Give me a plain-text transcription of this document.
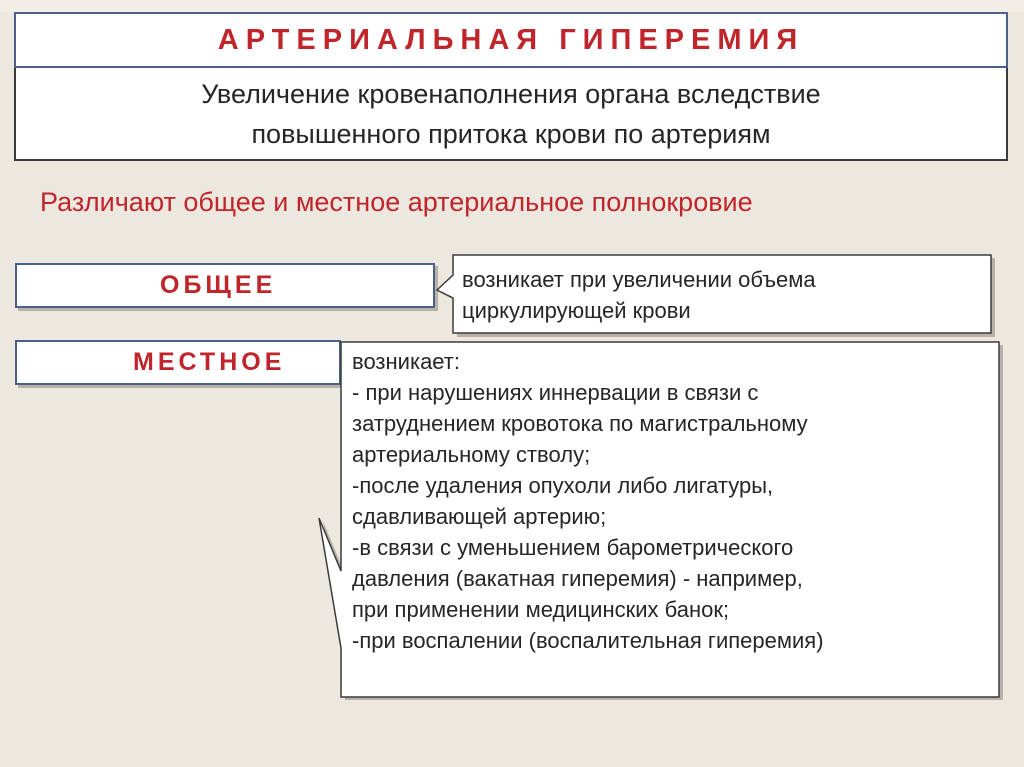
АРТЕРИАЛЬНАЯ ГИПЕРЕМИЯ
Увеличение кровенаполнения органа вследствие
повышенного притока крови по артериям
Различают общее и местное артериальное полнокровие
ОБЩЕЕ
МЕСТНОЕ
возникает при увеличении объема
циркулирующей крови
возникает:
- при нарушениях иннервации в связи с
затруднением кровотока по магистральному
артериальному стволу;
-после удаления опухоли либо лигатуры,
сдавливающей артерию;
-в связи с уменьшением барометрического
давления (вакатная гиперемия) - например,
при применении медицинских банок;
-при воспалении (воспалительная гиперемия)
